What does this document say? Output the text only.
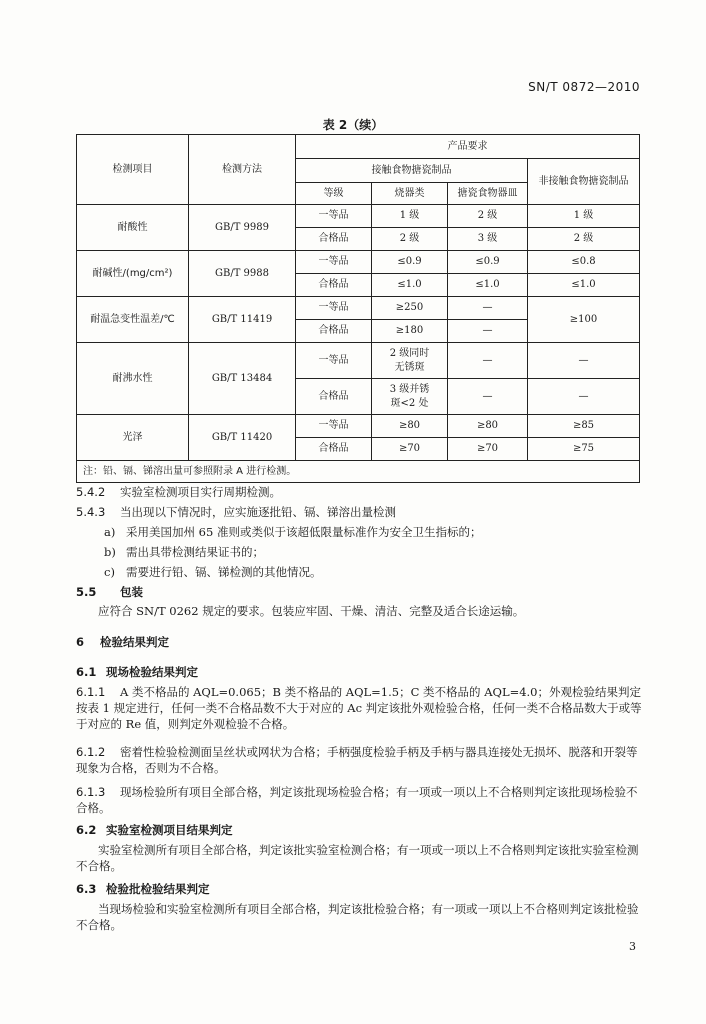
SN/T 0872—2010
表 2（续）
检测项目	检测方法	产品要求			
		接触食物搪瓷制品			非接触食物搪瓷制品
		等级	烧器类	搪瓷食物器皿	
耐酸性	GB/T 9989	一等品	1 级	2 级	1 级
		合格品	2 级	3 级	2 级
耐碱性/(mg/cm²)	GB/T 9988	一等品	≤0.9	≤0.9	≤0.8
		合格品	≤1.0	≤1.0	≤1.0
耐温急变性温差/℃	GB/T 11419	一等品	≥250	—	≥100
		合格品	≥180	—	
耐沸水性	GB/T 13484	一等品	2 级同时无锈斑	—	—
		合格品	3 级并锈斑<2 处	—	—
光泽	GB/T 11420	一等品	≥80	≥80	≥85
		合格品	≥70	≥70	≥75
注：铅、镉、锑溶出量可参照附录 A 进行检测。					
5.4.2 实验室检测项目实行周期检测。
5.4.3 当出现以下情况时，应实施逐批铅、镉、锑溶出量检测
a) 采用美国加州 65 准则或类似于该超低限量标准作为安全卫生指标的；
b) 需出具带检测结果证书的；
c) 需要进行铅、镉、锑检测的其他情况。
5.5 包装
应符合 SN/T 0262 规定的要求。包装应牢固、干燥、清洁、完整及适合长途运输。
6 检验结果判定
6.1 现场检验结果判定
6.1.1 A 类不格品的 AQL=0.065；B 类不格品的 AQL=1.5；C 类不格品的 AQL=4.0；外观检验结果判定按表 1 规定进行，任何一类不合格品数不大于对应的 Ac 判定该批外观检验合格，任何一类不合格品数大于或等于对应的 Re 值，则判定外观检验不合格。
6.1.2 密着性检验检测面呈丝状或网状为合格；手柄强度检验手柄及手柄与器具连接处无损坏、脱落和开裂等现象为合格，否则为不合格。
6.1.3 现场检验所有项目全部合格，判定该批现场检验合格；有一项或一项以上不合格则判定该批现场检验不合格。
6.2 实验室检测项目结果判定
实验室检测所有项目全部合格，判定该批实验室检测合格；有一项或一项以上不合格则判定该批实验室检测不合格。
6.3 检验批检验结果判定
当现场检验和实验室检测所有项目全部合格，判定该批检验合格；有一项或一项以上不合格则判定该批检验不合格。
3
